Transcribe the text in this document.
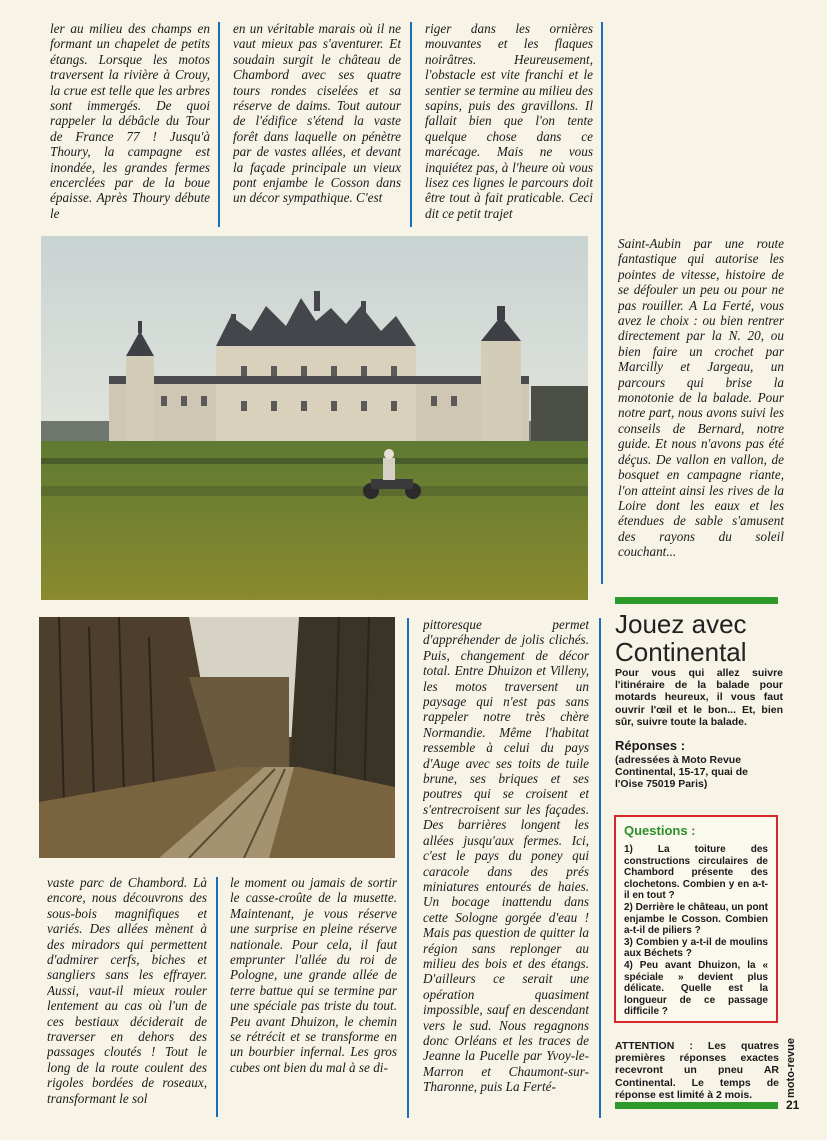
ler au milieu des champs en formant un chapelet de petits étangs. Lorsque les motos traversent la rivière à Crouy, la crue est telle que les arbres sont immergés. De quoi rappeler la débâcle du Tour de France 77 ! Jusqu'à Thoury, la campagne est inondée, les grandes fermes encerclées par de la boue épaisse. Après Thoury débute le

en un véritable marais où il ne vaut mieux pas s'aventurer. Et soudain surgit le château de Chambord avec ses quatre tours rondes ciselées et sa réserve de daims. Tout autour de l'édifice s'étend la vaste forêt dans laquelle on pénètre par de vastes allées, et devant la façade principale un vieux pont enjambe le Cosson dans un décor sympathique. C'est

riger dans les ornières mouvantes et les flaques noirâtres. Heureusement, l'obstacle est vite franchi et le sentier se termine au milieu des sapins, puis des gravillons. Il fallait bien que l'on tente quelque chose dans ce marécage. Mais ne vous inquiétez pas, à l'heure où vous lisez ces lignes le parcours doit être tout à fait praticable. Ceci dit ce petit trajet

Saint-Aubin par une route fantastique qui autorise les pointes de vitesse, histoire de se défouler un peu ou pour ne pas rouiller. A La Ferté, vous avez le choix : ou bien rentrer directement par la N. 20, ou bien faire un crochet par Marcilly et Jargeau, un parcours qui brise la monotonie de la balade. Pour notre part, nous avons suivi les conseils de Bernard, notre guide. Et nous n'avons pas été déçus. De vallon en vallon, de bosquet en campagne riante, l'on atteint ainsi les rives de la Loire dont les eaux et les étendues de sable s'amusent des rayons du soleil couchant...

pittoresque permet d'appréhender de jolis clichés. Puis, changement de décor total. Entre Dhuizon et Villeny, les motos traversent un paysage qui n'est pas sans rappeler notre très chère Normandie. Même l'habitat ressemble à celui du pays d'Auge avec ses toits de tuile brune, ses briques et ses poutres qui se croisent et s'entrecroisent sur les façades. Des barrières longent les allées jusqu'aux fermes. Ici, c'est le pays du poney qui caracole dans des prés miniatures entourés de haies. Un bocage inattendu dans cette Sologne gorgée d'eau ! Mais pas question de quitter la région sans replonger au milieu des bois et des étangs. D'ailleurs ce serait une opération quasiment impossible, sauf en descendant vers le sud. Nous regagnons donc Orléans et les traces de Jeanne la Pucelle par Yvoy-le-Marron et Chaumont-sur-Tharonne, puis La Ferté-

vaste parc de Chambord. Là encore, nous découvrons des sous-bois magnifiques et variés. Des allées mènent à des miradors qui permettent d'admirer cerfs, biches et sangliers sans les effrayer. Aussi, vaut-il mieux rouler lentement au cas où l'un de ces bestiaux déciderait de traverser en dehors des passages cloutés ! Tout le long de la route coulent des rigoles bordées de roseaux, transformant le sol

le moment ou jamais de sortir le casse-croûte de la musette. Maintenant, je vous réserve une surprise en pleine réserve nationale. Pour cela, il faut emprunter l'allée du roi de Pologne, une grande allée de terre battue qui se termine par une spéciale pas triste du tout. Peu avant Dhuizon, le chemin se rétrécit et se transforme en un bourbier infernal. Les gros cubes ont bien du mal à se di-

Jouez avec Continental
Pour vous qui allez suivre l'itinéraire de la balade pour motards heureux, il vous faut ouvrir l'œil et le bon... Et, bien sûr, suivre toute la balade.
Réponses :
(adressées à Moto Revue Continental, 15-17, quai de l'Oise 75019 Paris)
Questions :
1) La toiture des constructions circulaires de Chambord présente des clochetons. Combien y en a-t-il en tout ?
2) Derrière le château, un pont enjambe le Cosson. Combien a-t-il de piliers ?
3) Combien y a-t-il de moulins aux Béchets ?
4) Peu avant Dhuizon, la « spéciale » devient plus délicate. Quelle est la longueur de ce passage difficile ?
ATTENTION : Les quatres premières réponses exactes recevront un pneu AR Continental. Le temps de réponse est limité à 2 mois.	moto-revue
21
